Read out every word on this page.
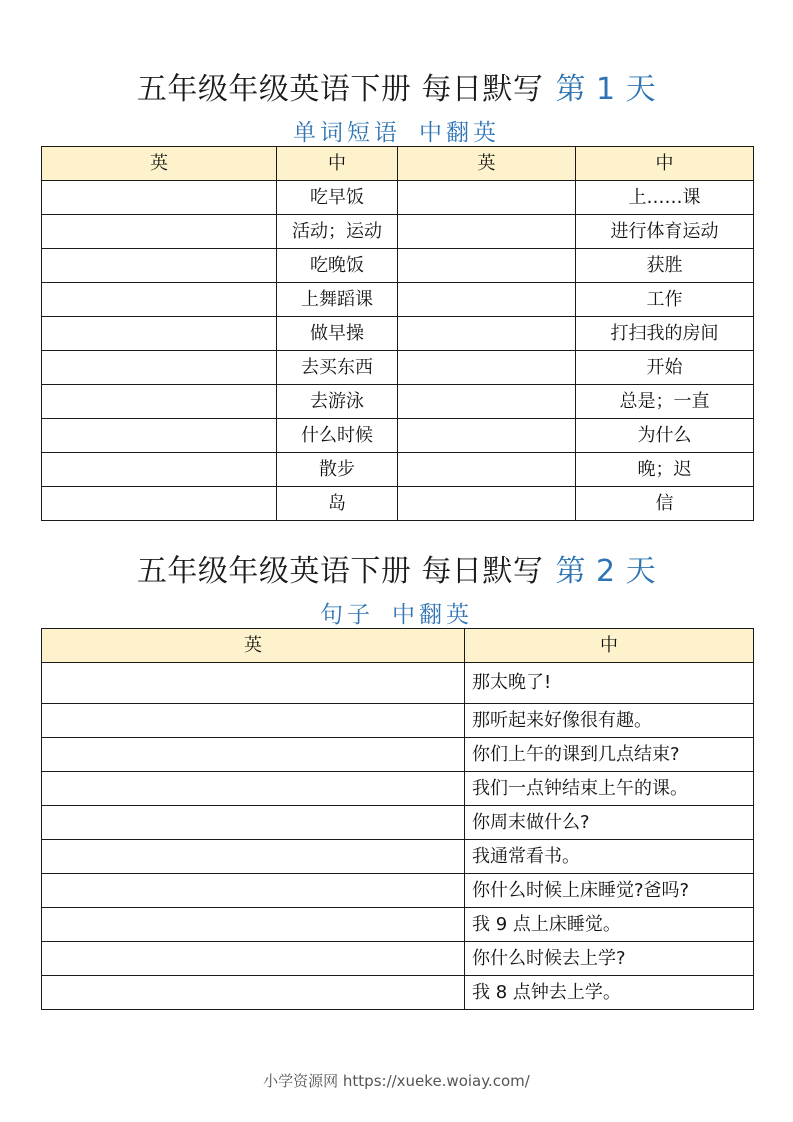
五年级年级英语下册 每日默写 第 1 天
单词短语 中翻英
英	中	英	中
	吃早饭		上……课
	活动；运动		进行体育运动
	吃晚饭		获胜
	上舞蹈课		工作
	做早操		打扫我的房间
	去买东西		开始
	去游泳		总是；一直
	什么时候		为什么
	散步		晚；迟
	岛		信
五年级年级英语下册 每日默写 第 2 天
句子 中翻英
英	中
	那太晚了!
	那听起来好像很有趣。
	你们上午的课到几点结束?
	我们一点钟结束上午的课。
	你周末做什么?
	我通常看书。
	你什么时候上床睡觉?爸吗?
	我 9 点上床睡觉。
	你什么时候去上学?
	我 8 点钟去上学。
小学资源网 https://xueke.woiay.com/
